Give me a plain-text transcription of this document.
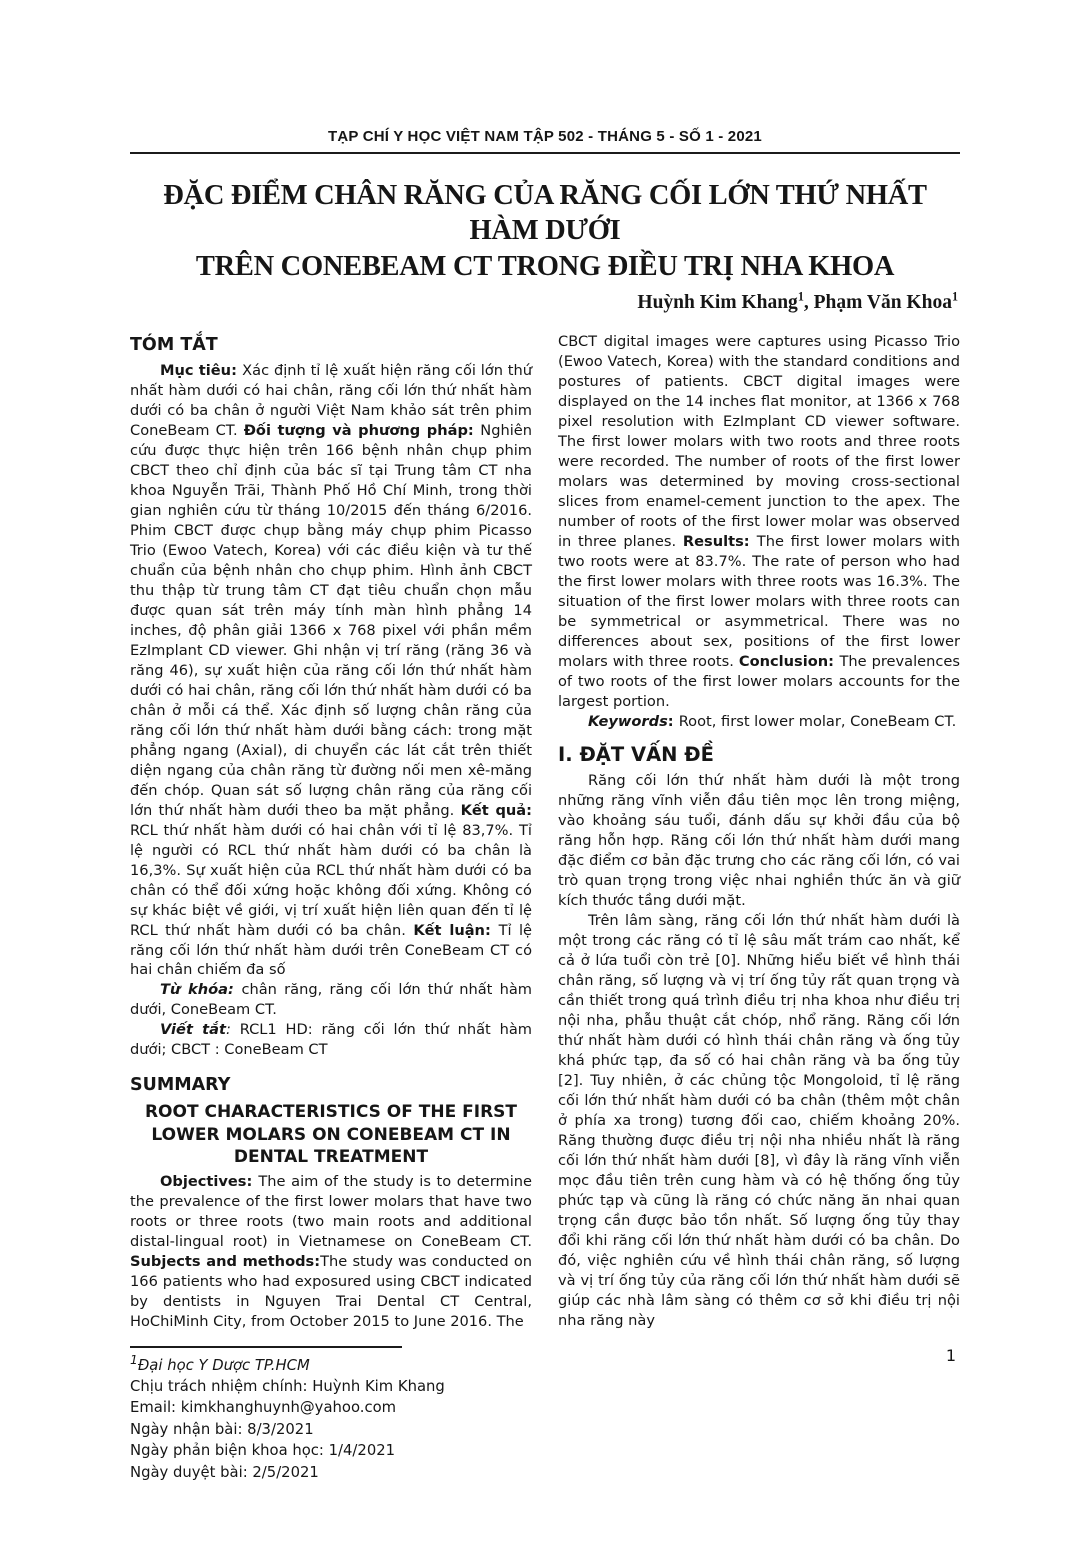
TẠP CHÍ Y HỌC VIỆT NAM TẬP 502 - THÁNG 5 - SỐ 1 - 2021
ĐẶC ĐIỂM CHÂN RĂNG CỦA RĂNG CỐI LỚN THỨ NHẤT HÀM DƯỚI
TRÊN CONEBEAM CT TRONG ĐIỀU TRỊ NHA KHOA
Huỳnh Kim Khang$^1$, Phạm Văn Khoa$^1$
TÓM TẮT

Mục tiêu: Xác định tỉ lệ xuất hiện răng cối lớn thứ nhất hàm dưới có hai chân, răng cối lớn thứ nhất hàm dưới có ba chân ở người Việt Nam khảo sát trên phim ConeBeam CT. Đối tượng và phương pháp: Nghiên cứu được thực hiện trên 166 bệnh nhân chụp phim CBCT theo chỉ định của bác sĩ tại Trung tâm CT nha khoa Nguyễn Trãi, Thành Phố Hồ Chí Minh, trong thời gian nghiên cứu từ tháng 10/2015 đến tháng 6/2016. Phim CBCT được chụp bằng máy chụp phim Picasso Trio (Ewoo Vatech, Korea) với các điều kiện và tư thế chuẩn của bệnh nhân cho chụp phim. Hình ảnh CBCT thu thập từ trung tâm CT đạt tiêu chuẩn chọn mẫu được quan sát trên máy tính màn hình phẳng 14 inches, độ phân giải 1366 x 768 pixel với phần mềm EzImplant CD viewer. Ghi nhận vị trí răng (răng 36 và răng 46), sự xuất hiện của răng cối lớn thứ nhất hàm dưới có hai chân, răng cối lớn thứ nhất hàm dưới có ba chân ở mỗi cá thể. Xác định số lượng chân răng của răng cối lớn thứ nhất hàm dưới bằng cách: trong mặt phẳng ngang (Axial), di chuyển các lát cắt trên thiết diện ngang của chân răng từ đường nối men xê-măng đến chóp. Quan sát số lượng chân răng của răng cối lớn thứ nhất hàm dưới theo ba mặt phẳng. Kết quả: RCL thứ nhất hàm dưới có hai chân với tỉ lệ 83,7%. Tỉ lệ người có RCL thứ nhất hàm dưới có ba chân là 16,3%. Sự xuất hiện của RCL thứ nhất hàm dưới có ba chân có thể đối xứng hoặc không đối xứng. Không có sự khác biệt về giới, vị trí xuất hiện liên quan đến tỉ lệ RCL thứ nhất hàm dưới có ba chân. Kết luận: Tỉ lệ răng cối lớn thứ nhất hàm dưới trên ConeBeam CT có hai chân chiếm đa số

Từ khóa: chân răng, răng cối lớn thứ nhất hàm dưới, ConeBeam CT.

Viết tắt: RCL1 HD: răng cối lớn thứ nhất hàm dưới; CBCT : ConeBeam CT

SUMMARY

ROOT CHARACTERISTICS OF THE FIRST LOWER MOLARS ON CONEBEAM CT IN DENTAL TREATMENT

Objectives: The aim of the study is to determine the prevalence of the first lower molars that have two roots or three roots (two main roots and additional distal-lingual root) in Vietnamese on ConeBeam CT. Subjects and methods:The study was conducted on 166 patients who had exposured using CBCT indicated by dentists in Nguyen Trai Dental CT Central, HoChiMinh City, from October 2015 to June 2016. The

$^1$Đại học Y Dược TP.HCM
Chịu trách nhiệm chính: Huỳnh Kim Khang
Email: kimkhanghuynh@yahoo.com
Ngày nhận bài: 8/3/2021
Ngày phản biện khoa học: 1/4/2021
Ngày duyệt bài: 2/5/2021

CBCT digital images were captures using Picasso Trio (Ewoo Vatech, Korea) with the standard conditions and postures of patients. CBCT digital images were displayed on the 14 inches flat monitor, at 1366 x 768 pixel resolution with EzImplant CD viewer software. The first lower molars with two roots and three roots were recorded. The number of roots of the first lower molars was determined by moving cross-sectional slices from enamel-cement junction to the apex. The number of roots of the first lower molar was observed in three planes. Results: The first lower molars with two roots were at 83.7%. The rate of person who had the first lower molars with three roots was 16.3%. The situation of the first lower molars with three roots can be symmetrical or asymmetrical. There was no differences about sex, positions of the first lower molars with three roots. Conclusion: The prevalences of two roots of the first lower molars accounts for the largest portion.

Keywords: Root, first lower molar, ConeBeam CT.

I. ĐẶT VẤN ĐỀ

Răng cối lớn thứ nhất hàm dưới là một trong những răng vĩnh viễn đầu tiên mọc lên trong miệng, vào khoảng sáu tuổi, đánh dấu sự khởi đầu của bộ răng hỗn hợp. Răng cối lớn thứ nhất hàm dưới mang đặc điểm cơ bản đặc trưng cho các răng cối lớn, có vai trò quan trọng trong việc nhai nghiền thức ăn và giữ kích thước tầng dưới mặt.

Trên lâm sàng, răng cối lớn thứ nhất hàm dưới là một trong các răng có tỉ lệ sâu mất trám cao nhất, kể cả ở lứa tuổi còn trẻ [0]. Những hiểu biết về hình thái chân răng, số lượng và vị trí ống tủy rất quan trọng và cần thiết trong quá trình điều trị nha khoa như điều trị nội nha, phẫu thuật cắt chóp, nhổ răng. Răng cối lớn thứ nhất hàm dưới có hình thái chân răng và ống tủy khá phức tạp, đa số có hai chân răng và ba ống tủy [2]. Tuy nhiên, ở các chủng tộc Mongoloid, tỉ lệ răng cối lớn thứ nhất hàm dưới có ba chân (thêm một chân ở phía xa trong) tương đối cao, chiếm khoảng 20%. Răng thường được điều trị nội nha nhiều nhất là răng cối lớn thứ nhất hàm dưới [8], vì đây là răng vĩnh viễn mọc đầu tiên trên cung hàm và có hệ thống ống tủy phức tạp và cũng là răng có chức năng ăn nhai quan trọng cần được bảo tồn nhất. Số lượng ống tủy thay đổi khi răng cối lớn thứ nhất hàm dưới có ba chân. Do đó, việc nghiên cứu về hình thái chân răng, số lượng và vị trí ống tủy của răng cối lớn thứ nhất hàm dưới sẽ giúp các nhà lâm sàng có thêm cơ sở khi điều trị nội nha răng này

1
